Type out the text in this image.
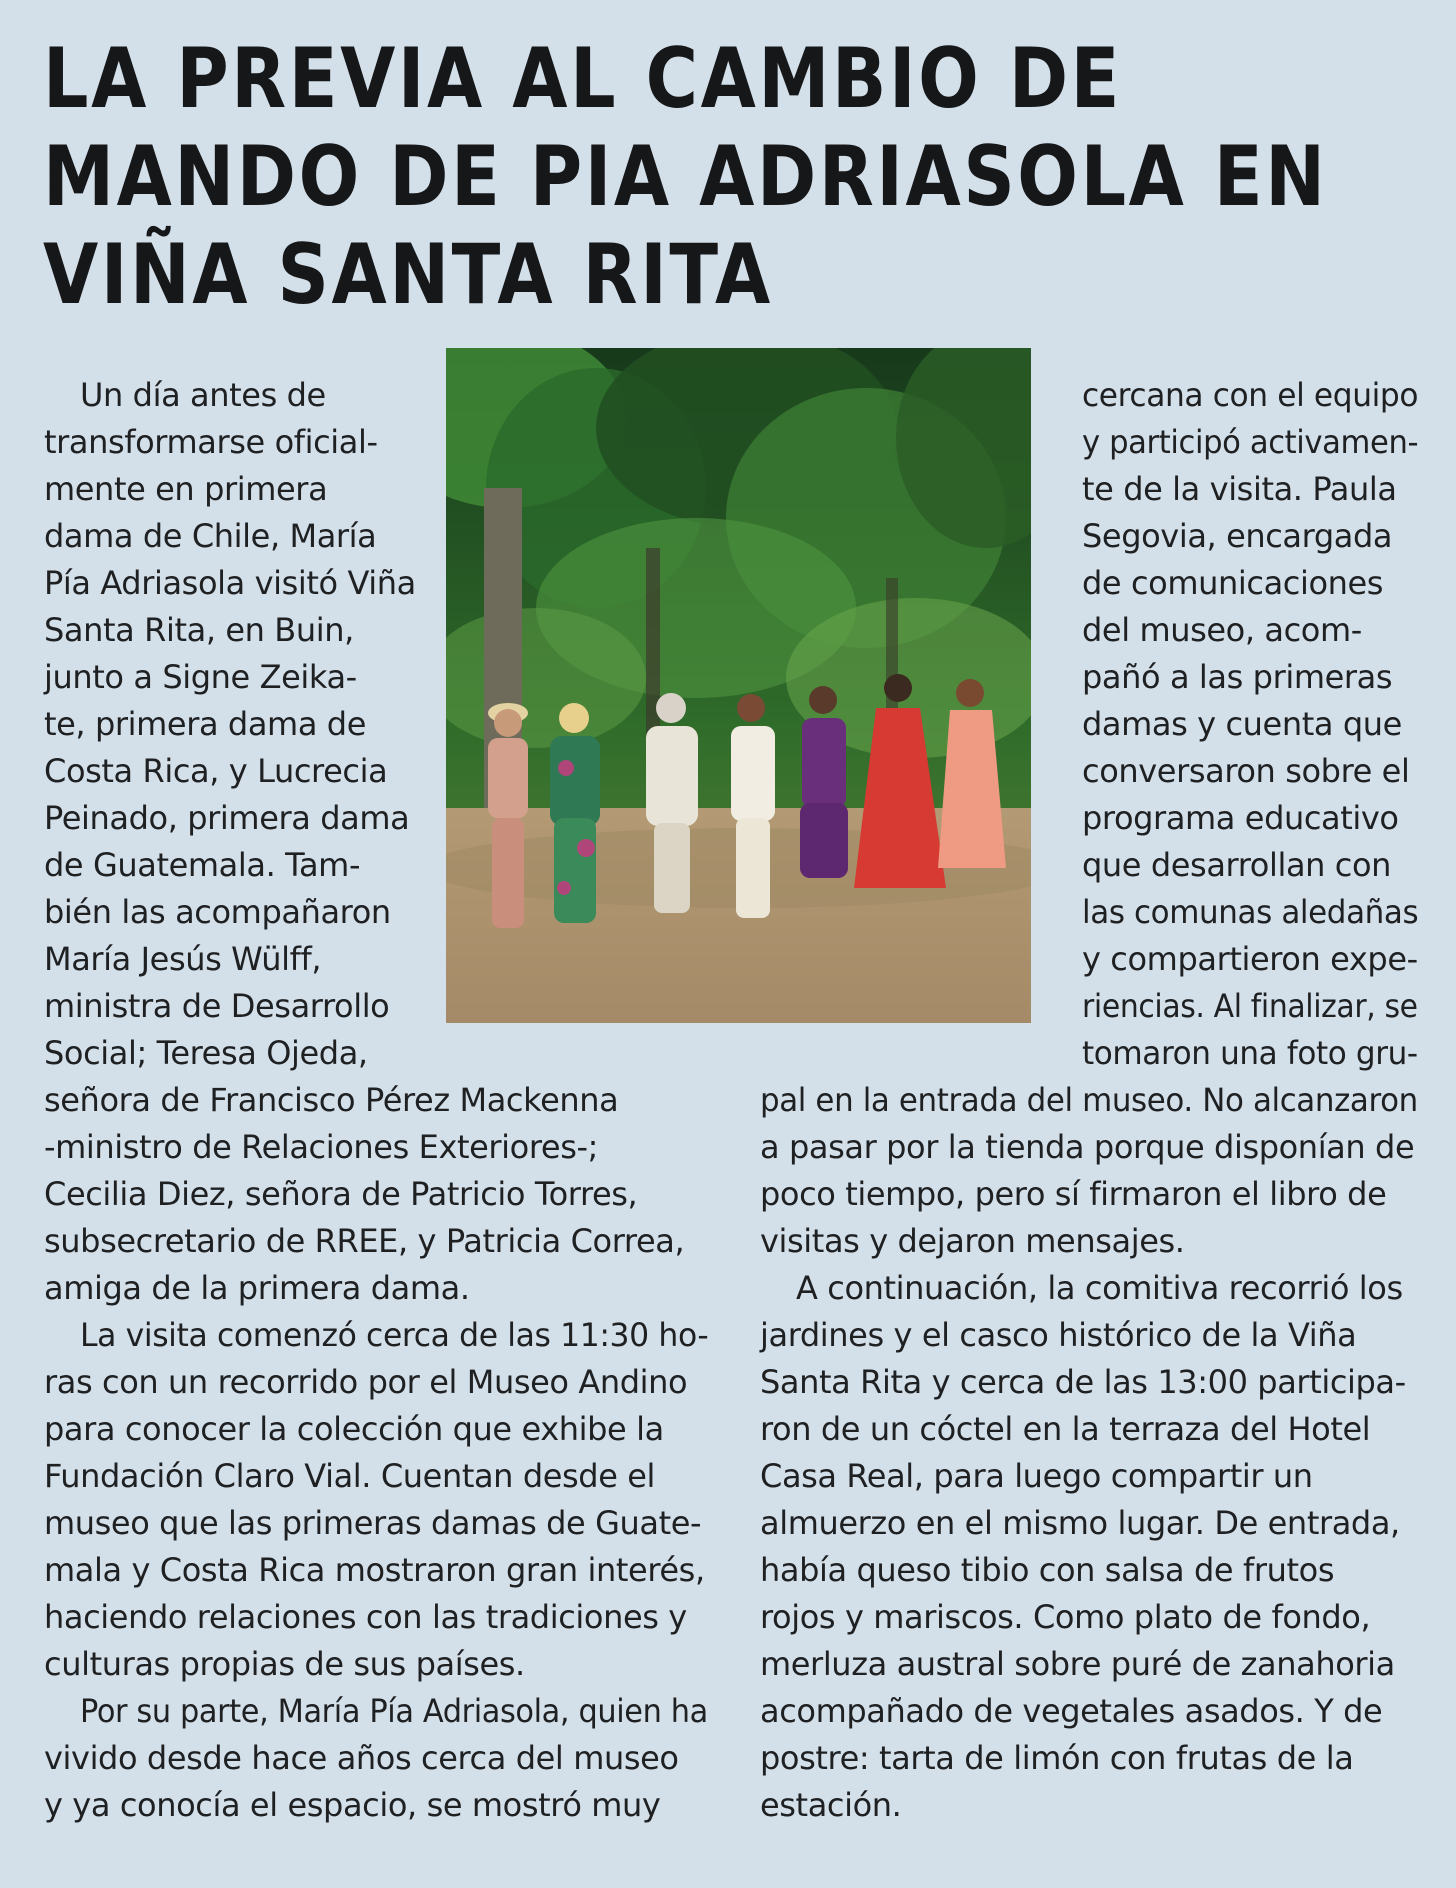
LA PREVIA AL CAMBIO DE
MANDO DE PIA ADRIASOLA EN
VIÑA SANTA RITA
Un día antes de
transformarse oficial-
mente en primera
dama de Chile, María
Pía Adriasola visitó Viña
Santa Rita, en Buin,
junto a Signe Zeika-
te, primera dama de
Costa Rica, y Lucrecia
Peinado, primera dama
de Guatemala. Tam-
bién las acompañaron
María Jesús Wülff,
ministra de Desarrollo
Social; Teresa Ojeda,
señora de Francisco Pérez Mackenna
-ministro de Relaciones Exteriores-;
Cecilia Diez, señora de Patricio Torres,
subsecretario de RREE, y Patricia Correa,
amiga de la primera dama.
La visita comenzó cerca de las 11:30 ho-
ras con un recorrido por el Museo Andino
para conocer la colección que exhibe la
Fundación Claro Vial. Cuentan desde el
museo que las primeras damas de Guate-
mala y Costa Rica mostraron gran interés,
haciendo relaciones con las tradiciones y
culturas propias de sus países.
Por su parte, María Pía Adriasola, quien ha
vivido desde hace años cerca del museo
y ya conocía el espacio, se mostró muy
cercana con el equipo
y participó activamen-
te de la visita. Paula
Segovia, encargada
de comunicaciones
del museo, acom-
pañó a las primeras
damas y cuenta que
conversaron sobre el
programa educativo
que desarrollan con
las comunas aledañas
y compartieron expe-
riencias. Al finalizar, se
tomaron una foto gru-
pal en la entrada del museo. No alcanzaron
a pasar por la tienda porque disponían de
poco tiempo, pero sí firmaron el libro de
visitas y dejaron mensajes.
A continuación, la comitiva recorrió los
jardines y el casco histórico de la Viña
Santa Rita y cerca de las 13:00 participa-
ron de un cóctel en la terraza del Hotel
Casa Real, para luego compartir un
almuerzo en el mismo lugar. De entrada,
había queso tibio con salsa de frutos
rojos y mariscos. Como plato de fondo,
merluza austral sobre puré de zanahoria
acompañado de vegetales asados. Y de
postre: tarta de limón con frutas de la
estación.
